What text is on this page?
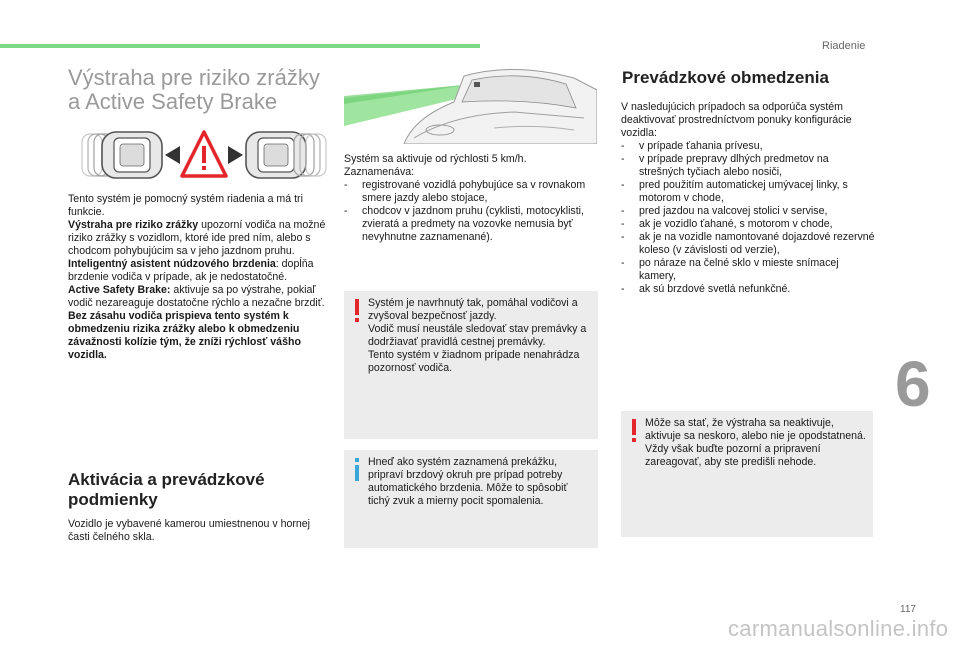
Riadenie
Výstraha pre riziko zrážky
a Active Safety Brake

Tento systém je pomocný systém riadenia a má tri funkcie.

Výstraha pre riziko zrážky upozorní vodiča na možné riziko zrážky s vozidlom, ktoré ide pred ním, alebo s chodcom pohybujúcim sa v jeho jazdnom pruhu.

Inteligentný asistent núdzového brzdenia: dopĺňa brzdenie vodiča v prípade, ak je nedostatočné.

Active Safety Brake: aktivuje sa po výstrahe, pokiaľ vodič nezareaguje dostatočne rýchlo a nezačne brzdiť.

Bez zásahu vodiča prispieva tento systém k obmedzeniu rizika zrážky alebo k obmedzeniu závažnosti kolízie tým, že zníži rýchlosť vášho vozidla.

Aktivácia a prevádzkové podmienky

Vozidlo je vybavené kamerou umiestnenou v hornej časti čelného skla.

Systém sa aktivuje od rýchlosti 5 km/h.

Zaznamenáva:

- registrované vozidlá pohybujúce sa v rovnakom smere jazdy alebo stojace,
- chodcov v jazdnom pruhu (cyklisti, motocyklisti, zvieratá a predmety na vozovke nemusia byť nevyhnutne zaznamenané).
Systém je navrhnutý tak, pomáhal vodičovi a zvyšoval bezpečnosť jazdy.
Vodič musí neustále sledovať stav premávky a dodržiavať pravidlá cestnej premávky.
Tento systém v žiadnom prípade nenahrádza pozornosť vodiča.
Hneď ako systém zaznamená prekážku, pripraví brzdový okruh pre prípad potreby automatického brzdenia. Môže to spôsobiť tichý zvuk a mierny pocit spomalenia.
Prevádzkové obmedzenia

V nasledujúcich prípadoch sa odporúča systém deaktivovať prostredníctvom ponuky konfigurácie vozidla:

- v prípade ťahania prívesu,
- v prípade prepravy dlhých predmetov na strešných tyčiach alebo nosiči,
- pred použitím automatickej umývacej linky, s motorom v chode,
- pred jazdou na valcovej stolici v servise,
- ak je vozidlo ťahané, s motorom v chode,
- ak je na vozidle namontované dojazdové rezervné koleso (v závislosti od verzie),
- po náraze na čelné sklo v mieste snímacej kamery,
- ak sú brzdové svetlá nefunkčné.
Môže sa stať, že výstraha sa neaktivuje, aktivuje sa neskoro, alebo nie je opodstatnená.
Vždy však buďte pozorní a pripravení zareagovať, aby ste predišli nehode.
6
117
carmanualsonline.info
